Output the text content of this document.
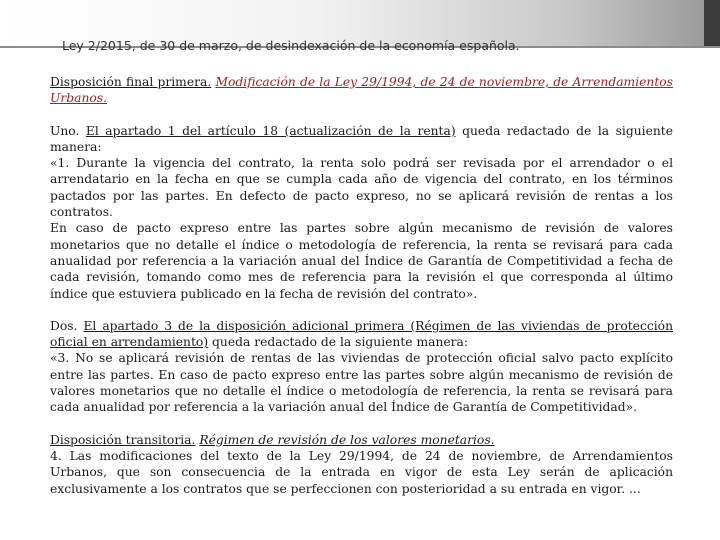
Ley 2/2015, de 30 de marzo, de desindexación de la economía española.

Disposición final primera. Modificación de la Ley 29/1994, de 24 de noviembre, de Arrendamientos Urbanos.

Uno. El apartado 1 del artículo 18 (actualización de la renta) queda redactado de la siguiente manera:

«1. Durante la vigencia del contrato, la renta solo podrá ser revisada por el arrendador o el arrendatario en la fecha en que se cumpla cada año de vigencia del contrato, en los términos pactados por las partes. En defecto de pacto expreso, no se aplicará revisión de rentas a los contratos.

En caso de pacto expreso entre las partes sobre algún mecanismo de revisión de valores monetarios que no detalle el índice o metodología de referencia, la renta se revisará para cada anualidad por referencia a la variación anual del Índice de Garantía de Competitividad a fecha de cada revisión, tomando como mes de referencia para la revisión el que corresponda al último índice que estuviera publicado en la fecha de revisión del contrato».

Dos. El apartado 3 de la disposición adicional primera (Régimen de las viviendas de protección oficial en arrendamiento) queda redactado de la siguiente manera:

«3. No se aplicará revisión de rentas de las viviendas de protección oficial salvo pacto explícito entre las partes. En caso de pacto expreso entre las partes sobre algún mecanismo de revisión de valores monetarios que no detalle el índice o metodología de referencia, la renta se revisará para cada anualidad por referencia a la variación anual del Índice de Garantía de Competitividad».

Disposición transitoria. Régimen de revisión de los valores monetarios.

4. Las modificaciones del texto de la Ley 29/1994, de 24 de noviembre, de Arrendamientos Urbanos, que son consecuencia de la entrada en vigor de esta Ley serán de aplicación exclusivamente a los contratos que se perfeccionen con posterioridad a su entrada en vigor. ...
